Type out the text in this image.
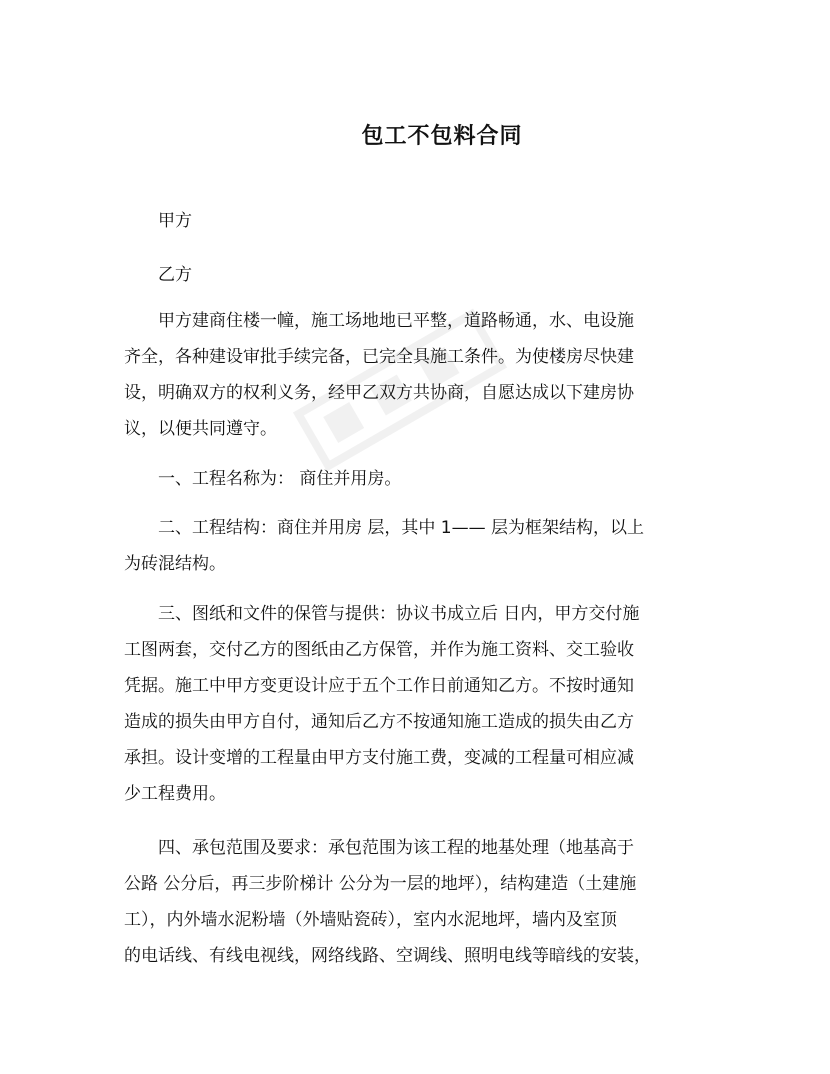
包工不包料合同
　　甲方
　　乙方
　　甲方建商住楼一幢，施工场地地已平整，道路畅通，水、电设施
齐全，各种建设审批手续完备，已完全具施工条件。为使楼房尽快建
设，明确双方的权利义务，经甲乙双方共协商，自愿达成以下建房协
议，以便共同遵守。
　　一、工程名称为： 商住并用房。
　　二、工程结构：商住并用房 层，其中 1—— 层为框架结构，以上
为砖混结构。
　　三、图纸和文件的保管与提供：协议书成立后 日内，甲方交付施
工图两套，交付乙方的图纸由乙方保管，并作为施工资料、交工验收
凭据。施工中甲方变更设计应于五个工作日前通知乙方。不按时通知
造成的损失由甲方自付，通知后乙方不按通知施工造成的损失由乙方
承担。设计变增的工程量由甲方支付施工费，变减的工程量可相应减
少工程费用。
　　四、承包范围及要求：承包范围为该工程的地基处理（地基高于
公路 公分后，再三步阶梯计 公分为一层的地坪），结构建造（土建施
工），内外墙水泥粉墙（外墙贴瓷砖），室内水泥地坪，墙内及室顶
的电话线、有线电视线，网络线路、空调线、照明电线等暗线的安装，
